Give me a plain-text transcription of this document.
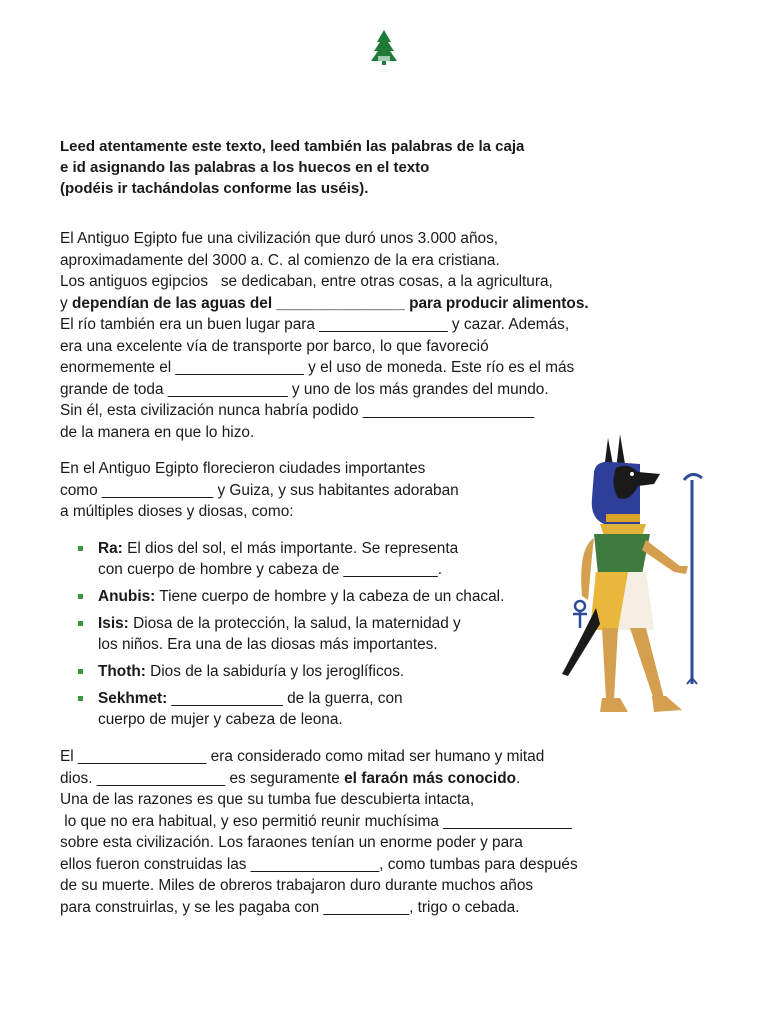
Leed atentamente este texto, leed también las palabras de la caja
e id asignando las palabras a los huecos en el texto
(podéis ir tachándolas conforme las uséis).
El Antiguo Egipto fue una civilización que duró unos 3.000 años,
aproximadamente del 3000 a. C. al comienzo de la era cristiana.
Los antiguos egipcios   se dedicaban, entre otras cosas, a la agricultura,
y dependían de las aguas del _______________ para producir alimentos.
El río también era un buen lugar para _______________ y cazar. Además,
era una excelente vía de transporte por barco, lo que favoreció
enormemente el _______________ y el uso de moneda. Este río es el más
grande de toda ______________ y uno de los más grandes del mundo.
Sin él, esta civilización nunca habría podido ____________________
de la manera en que lo hizo.
En el Antiguo Egipto florecieron ciudades importantes
como _____________ y Guiza, y sus habitantes adoraban
a múltiples dioses y diosas, como:
Ra: El dios del sol, el más importante. Se representa
con cuerpo de hombre y cabeza de ___________.
Anubis: Tiene cuerpo de hombre y la cabeza de un chacal.
Isis: Diosa de la protección, la salud, la maternidad y
los niños. Era una de las diosas más importantes.
Thoth: Dios de la sabiduría y los jeroglíficos.
Sekhmet: _____________ de la guerra, con
cuerpo de mujer y cabeza de leona.
El _______________ era considerado como mitad ser humano y mitad
dios. _______________ es seguramente el faraón más conocido.
Una de las razones es que su tumba fue descubierta intacta,
lo que no era habitual, y eso permitió reunir muchísima _______________
sobre esta civilización. Los faraones tenían un enorme poder y para
ellos fueron construidas las _______________, como tumbas para después
de su muerte. Miles de obreros trabajaron duro durante muchos años
para construirlas, y se les pagaba con __________, trigo o cebada.
